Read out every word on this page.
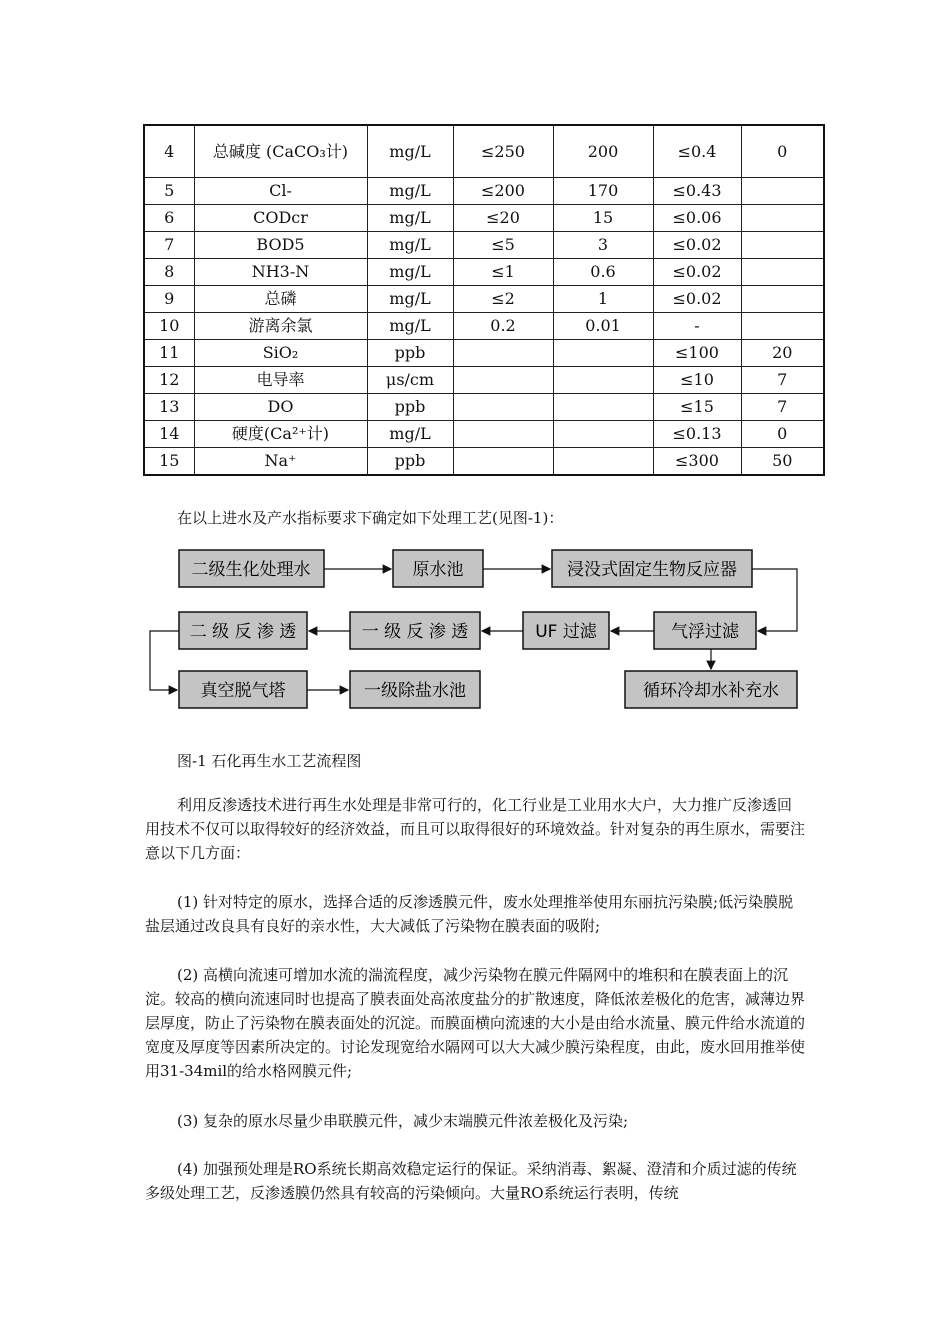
4	总碱度 (CaCO₃计)	mg/L	≤250	200	≤0.4	0
5	Cl-	mg/L	≤200	170	≤0.43	
6	CODcr	mg/L	≤20	15	≤0.06	
7	BOD5	mg/L	≤5	3	≤0.02	
8	NH3-N	mg/L	≤1	0.6	≤0.02	
9	总磷	mg/L	≤2	1	≤0.02	
10	游离余氯	mg/L	0.2	0.01	-	
11	SiO₂	ppb			≤100	20
12	电导率	μs/cm			≤10	7
13	DO	ppb			≤15	7
14	硬度(Ca²⁺计)	mg/L			≤0.13	0
15	Na⁺	ppb			≤300	50
在以上进水及产水指标要求下确定如下处理工艺(见图-1)：
二级生化处理水	原水池	浸没式固定生物反应器
二 级 反 渗 透	一 级 反 渗 透	UF 过滤	气浮过滤
真空脱气塔	一级除盐水池	循环冷却水补充水
图-1 石化再生水工艺流程图
利用反渗透技术进行再生水处理是非常可行的，化工行业是工业用水大户，大力推广反渗透回用技术不仅可以取得较好的经济效益，而且可以取得很好的环境效益。针对复杂的再生原水，需要注意以下几方面：
(1) 针对特定的原水，选择合适的反渗透膜元件，废水处理推举使用东丽抗污染膜;低污染膜脱盐层通过改良具有良好的亲水性，大大减低了污染物在膜表面的吸附;
(2) 高横向流速可增加水流的湍流程度，减少污染物在膜元件隔网中的堆积和在膜表面上的沉淀。较高的横向流速同时也提高了膜表面处高浓度盐分的扩散速度，降低浓差极化的危害，减薄边界层厚度，防止了污染物在膜表面处的沉淀。而膜面横向流速的大小是由给水流量、膜元件给水流道的宽度及厚度等因素所决定的。讨论发现宽给水隔网可以大大减少膜污染程度，由此，废水回用推举使用31-34mil的给水格网膜元件;
(3) 复杂的原水尽量少串联膜元件，减少末端膜元件浓差极化及污染;
(4) 加强预处理是RO系统长期高效稳定运行的保证。采纳消毒、絮凝、澄清和介质过滤的传统多级处理工艺，反渗透膜仍然具有较高的污染倾向。大量RO系统运行表明，传统
